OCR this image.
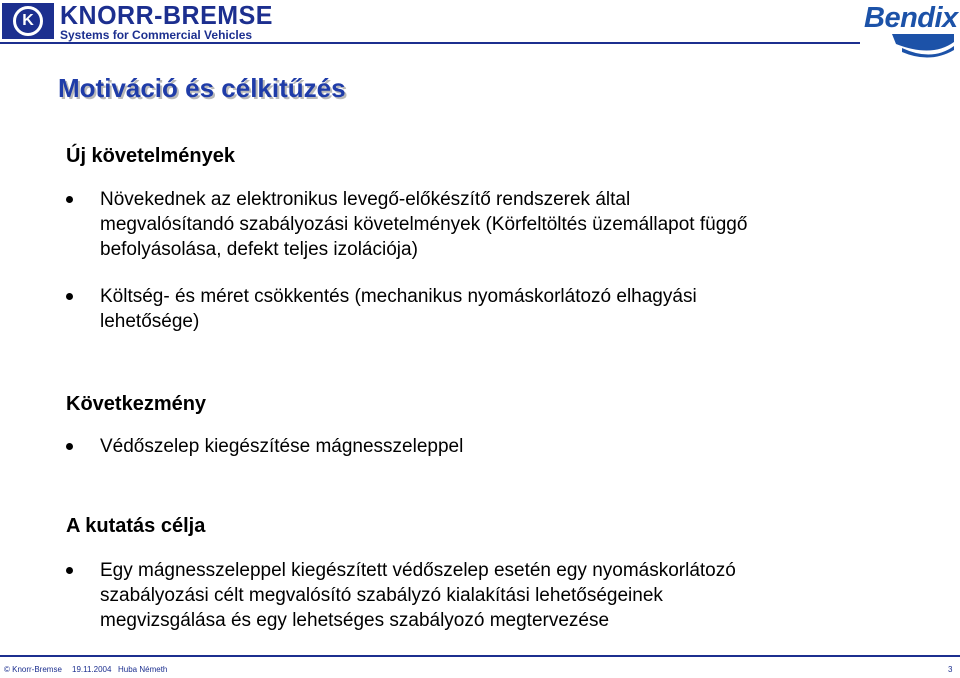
K KNORR-BREMSE
Systems for Commercial Vehicles
Bendix
Motiváció és célkitűzés
Új követelmények
Növekednek az elektronikus levegő-előkészítő rendszerek által
megvalósítandó szabályozási követelmények (Körfeltöltés üzemállapot függő
befolyásolása, defekt teljes izolációja)
Költség- és méret csökkentés (mechanikus nyomáskorlátozó elhagyási
lehetősége)
Következmény
Védőszelep kiegészítése mágnesszeleppel
A kutatás célja
Egy mágnesszeleppel kiegészített védőszelep esetén egy nyomáskorlátozó
szabályozási célt megvalósító szabályzó kialakítási lehetőségeinek
megvizsgálása és egy lehetséges szabályozó megtervezése
© Knorr-Bremse 19.11.2004 Huba Németh	3
